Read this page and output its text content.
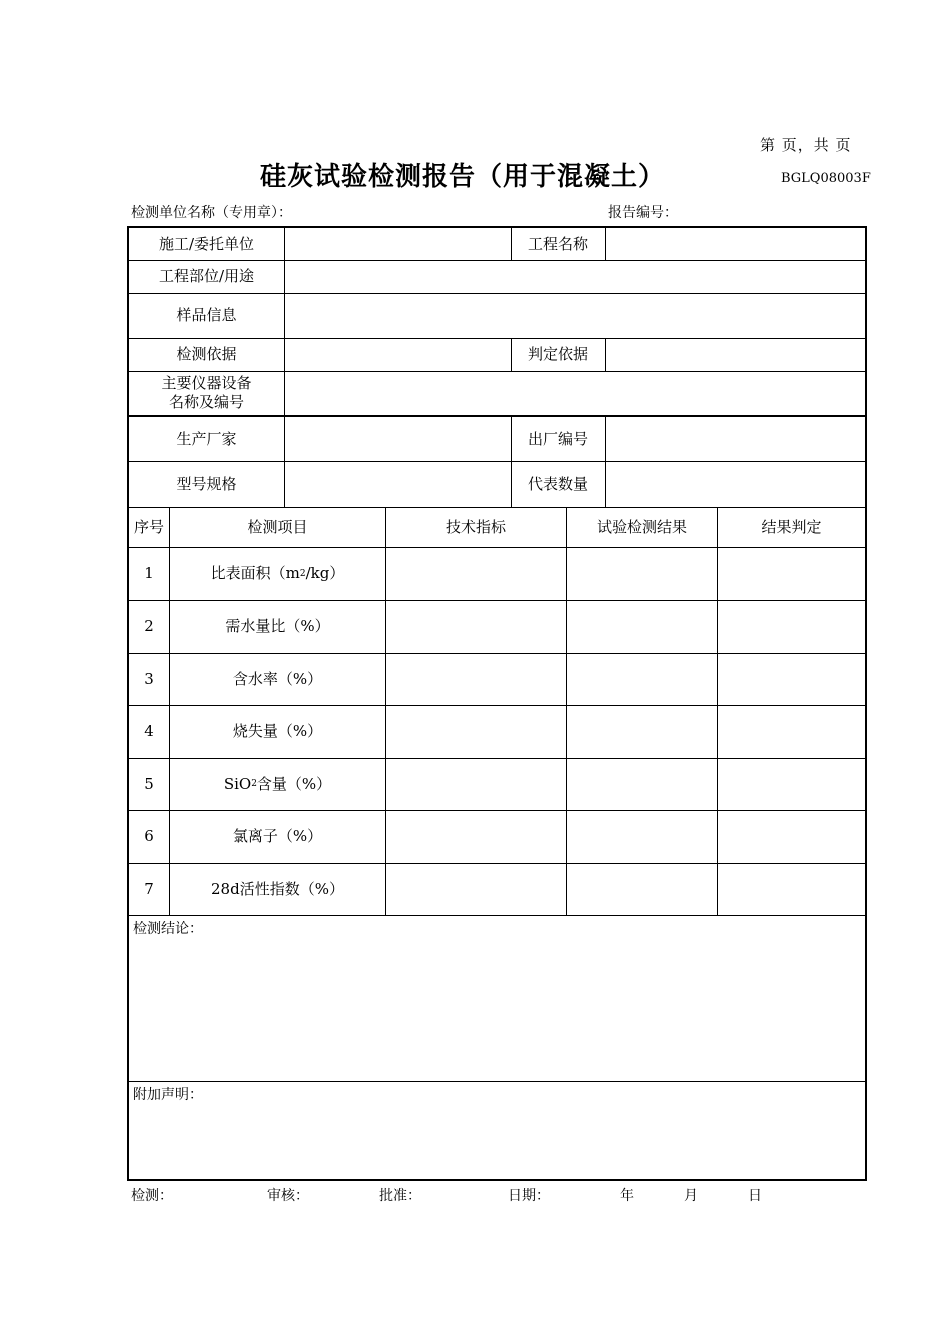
第 页，共 页
硅灰试验检测报告（用于混凝土）	BGLQ08003F
检测单位名称（专用章）：	报告编号：
施工/委托单位	工程名称
工程部位/用途
样品信息
检测依据	判定依据
主要仪器设备
名称及编号
生产厂家	出厂编号
型号规格	代表数量
序号	检测项目	技术指标	试验检测结果	结果判定
1	比表面积（m 2 /kg）
2	需水量比（%）
3	含水率（%）
4	烧失量（%）
5	SiO 2 含量（%）
6	氯离子（%）
7	28d活性指数（%）
检测结论：
附加声明：
检测：	审核：	批准：	日期：	年	月	日
